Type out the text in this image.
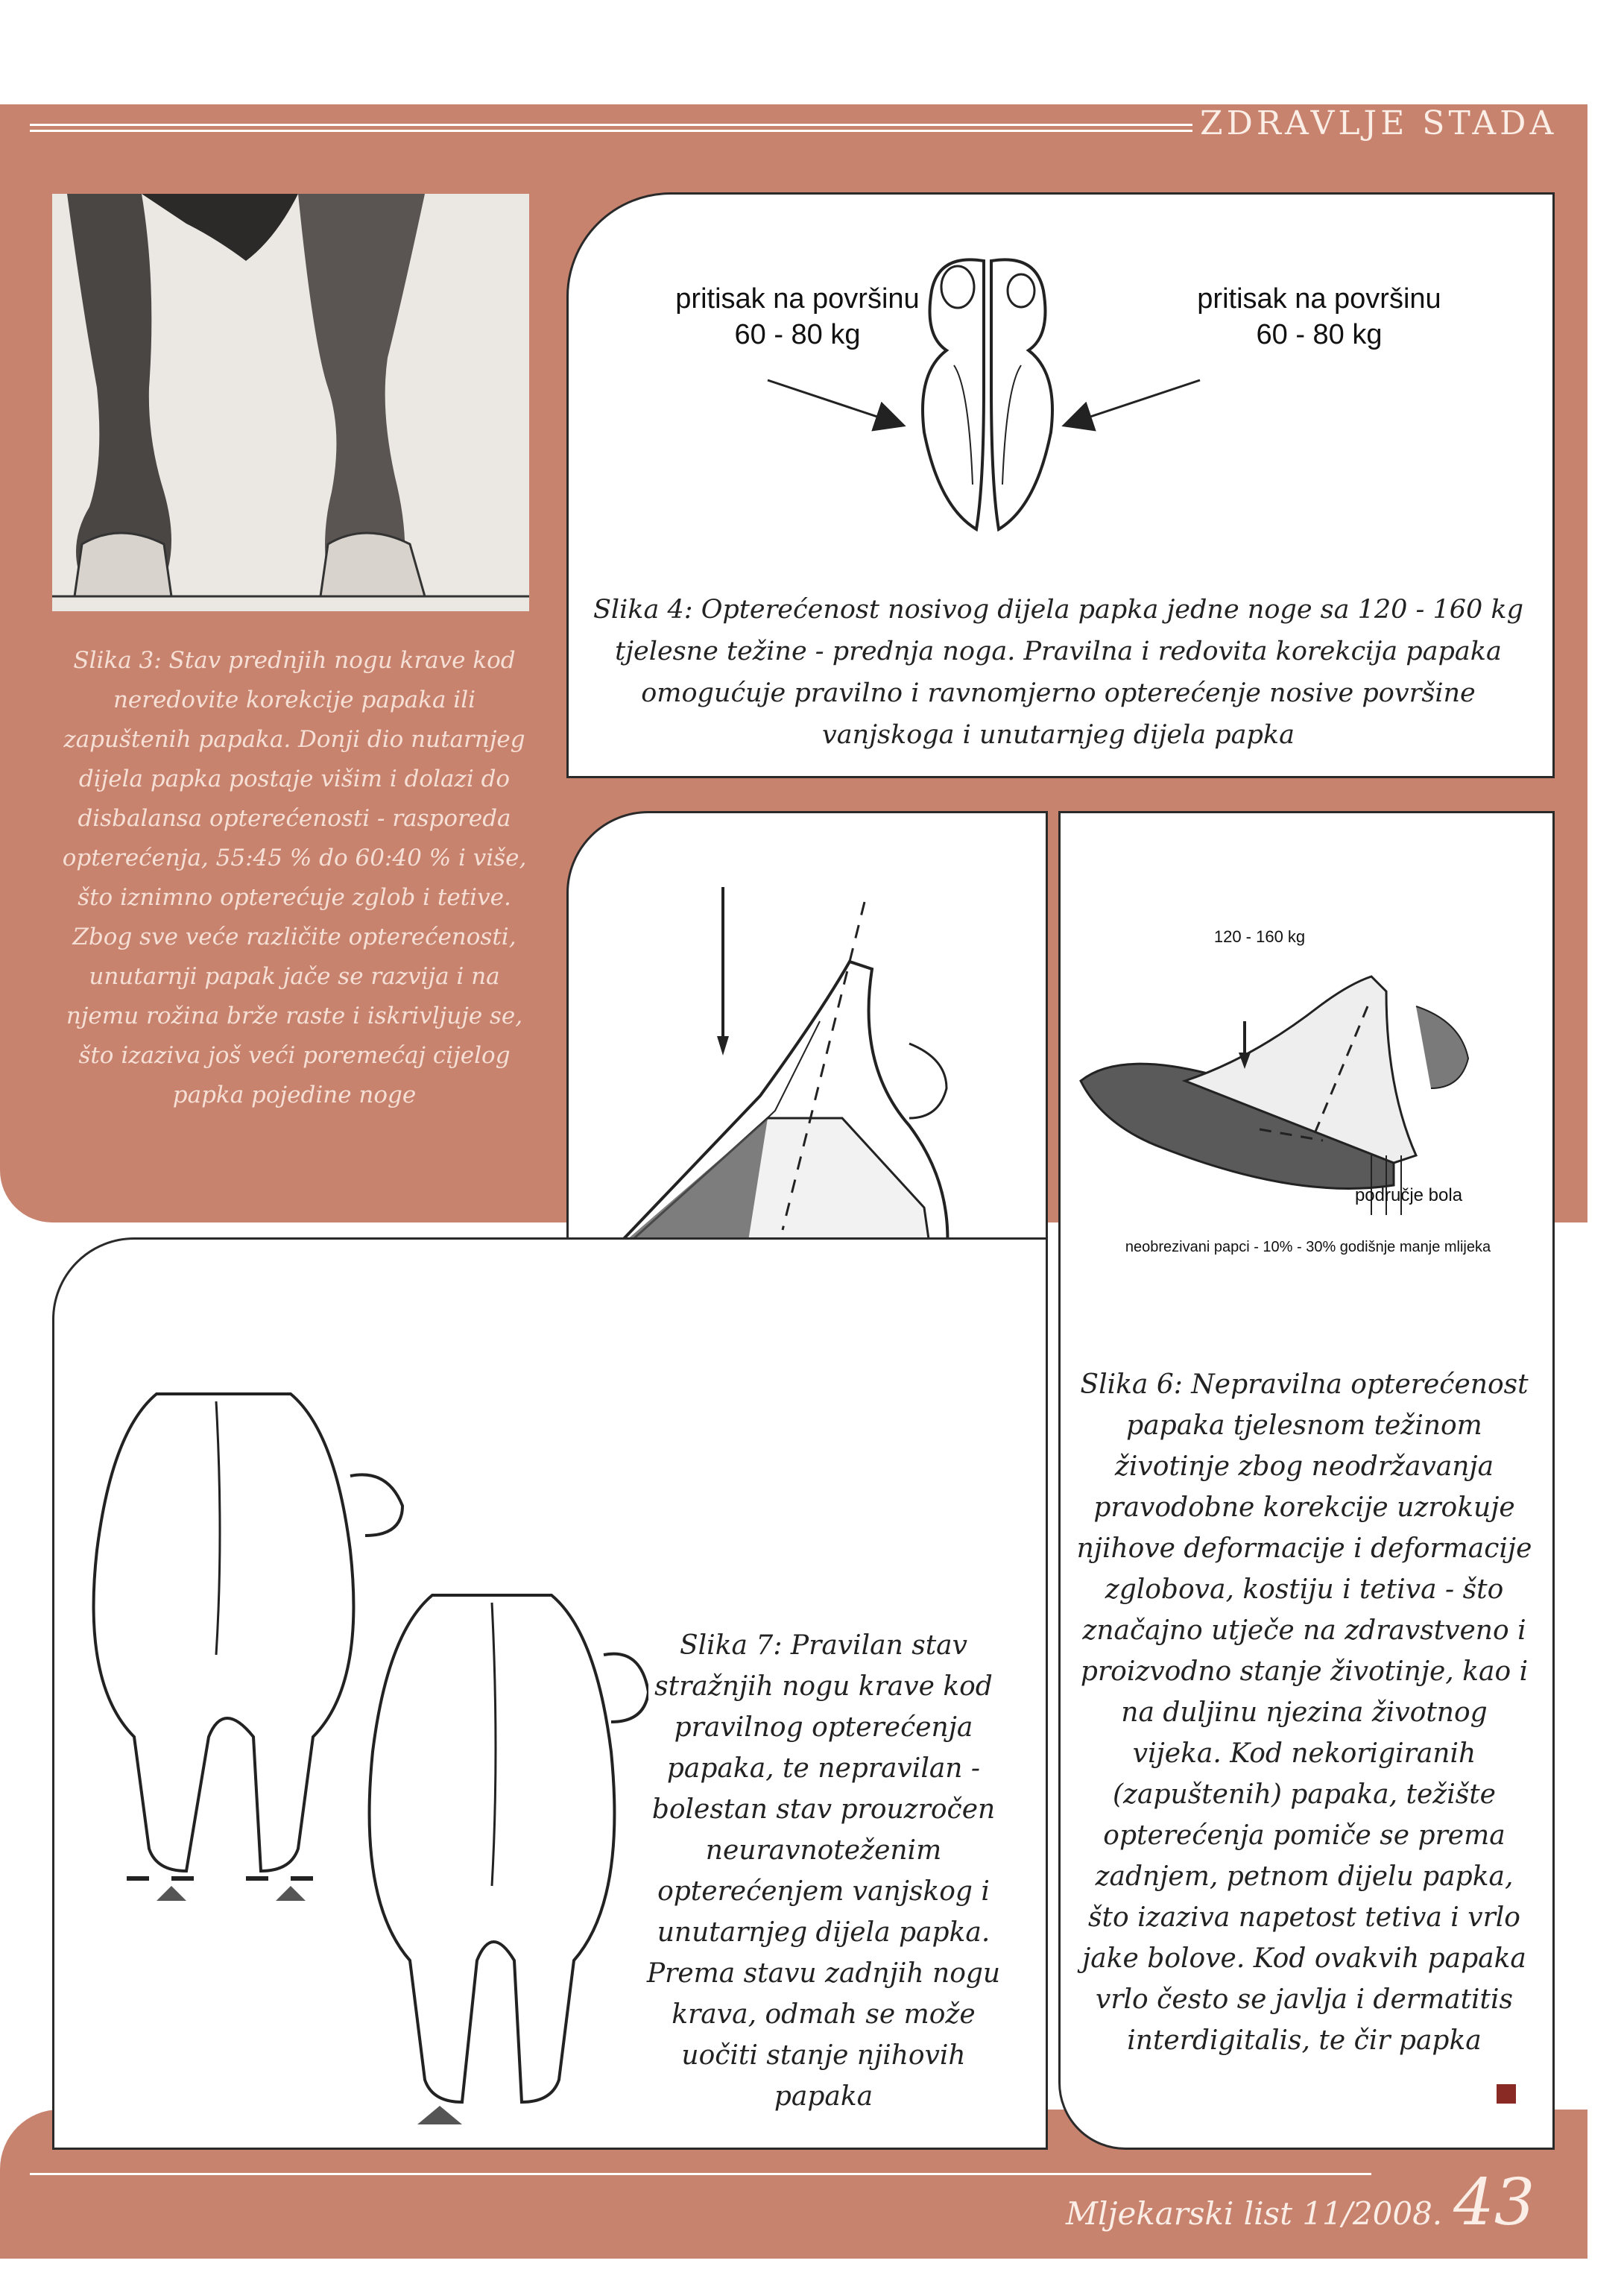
ZDRAVLJE STADA
Slika 3: Stav prednjih nogu krave kod neredovite korekcije papaka ili zapuštenih papaka. Donji dio nutarnjeg dijela papka postaje višim i dolazi do disbalansa opterećenosti - rasporeda opterećenja, 55:45 % do 60:40 % i više, što iznimno opterećuje zglob i tetive. Zbog sve veće različite opterećenosti, unutarnji papak jače se razvija i na njemu rožina brže raste i iskrivljuje se, što izaziva još veći poremećaj cijelog papka pojedine noge
pritisak na površinu
60 - 80 kg
pritisak na površinu
60 - 80 kg
Slika 4: Opterećenost nosivog dijela papka jedne noge sa 120 - 160 kg tjelesne težine - prednja noga. Pravilna i redovita korekcija papaka omogućuje pravilno i ravnomjerno opterećenje nosive površine vanjskoga i unutarnjeg dijela papka
120 - 160 kg
područje bola
neobrezivani papci - 10% - 30% godišnje manje mlijeka
Slika 6: Nepravilna opterećenost papaka tjelesnom težinom životinje zbog neodržavanja pravodobne korekcije uzrokuje njihove deformacije i deformacije zglobova, kostiju i tetiva - što značajno utječe na zdravstveno i proizvodno stanje životinje, kao i na duljinu njezina životnog vijeka. Kod nekorigiranih (zapuštenih) papaka, težište opterećenja pomiče se prema zadnjem, petnom dijelu papka, što izaziva napetost tetiva i vrlo jake bolove. Kod ovakvih papaka vrlo često se javlja i dermatitis interdigitalis, te čir papka
Slika 7: Pravilan stav stražnjih nogu krave kod pravilnog opterećenja papaka, te nepravilan - bolestan stav prouzročen neuravnoteženim opterećenjem vanjskog i unutarnjeg dijela papka. Prema stavu zadnjih nogu krava, odmah se može uočiti stanje njihovih papaka
Mljekarski list 11/2008. 43
